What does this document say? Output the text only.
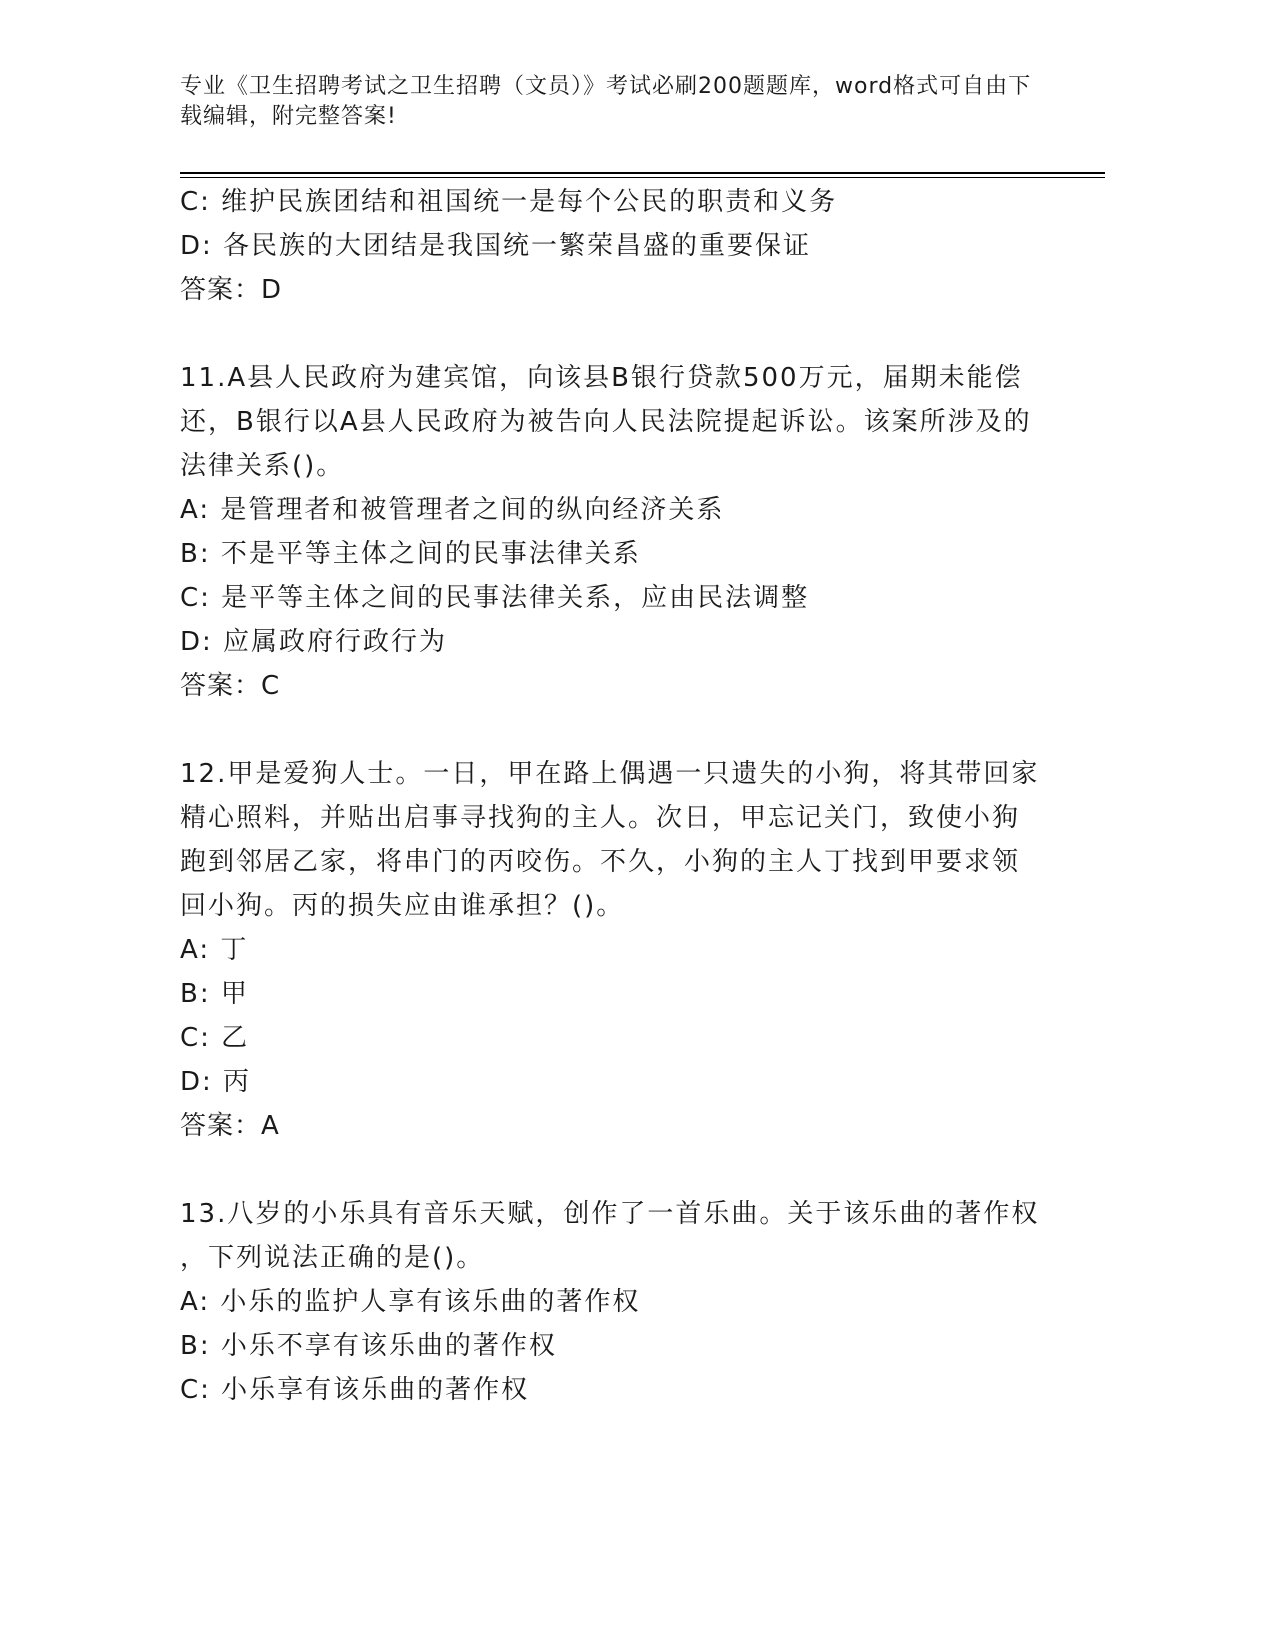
专业《卫生招聘考试之卫生招聘（文员）》考试必刷200题题库，word格式可自由下载编辑，附完整答案!
C: 维护民族团结和祖国统一是每个公民的职责和义务
D: 各民族的大团结是我国统一繁荣昌盛的重要保证
答案：D
11.A县人民政府为建宾馆，向该县B银行贷款500万元，届期未能偿
还，B银行以A县人民政府为被告向人民法院提起诉讼。该案所涉及的
法律关系()。
A: 是管理者和被管理者之间的纵向经济关系
B: 不是平等主体之间的民事法律关系
C: 是平等主体之间的民事法律关系，应由民法调整
D: 应属政府行政行为
答案：C
12.甲是爱狗人士。一日，甲在路上偶遇一只遗失的小狗，将其带回家
精心照料，并贴出启事寻找狗的主人。次日，甲忘记关门，致使小狗
跑到邻居乙家，将串门的丙咬伤。不久，小狗的主人丁找到甲要求领
回小狗。丙的损失应由谁承担？()。
A: 丁
B: 甲
C: 乙
D: 丙
答案：A
13.八岁的小乐具有音乐天赋，创作了一首乐曲。关于该乐曲的著作权
，下列说法正确的是()。
A: 小乐的监护人享有该乐曲的著作权
B: 小乐不享有该乐曲的著作权
C: 小乐享有该乐曲的著作权
